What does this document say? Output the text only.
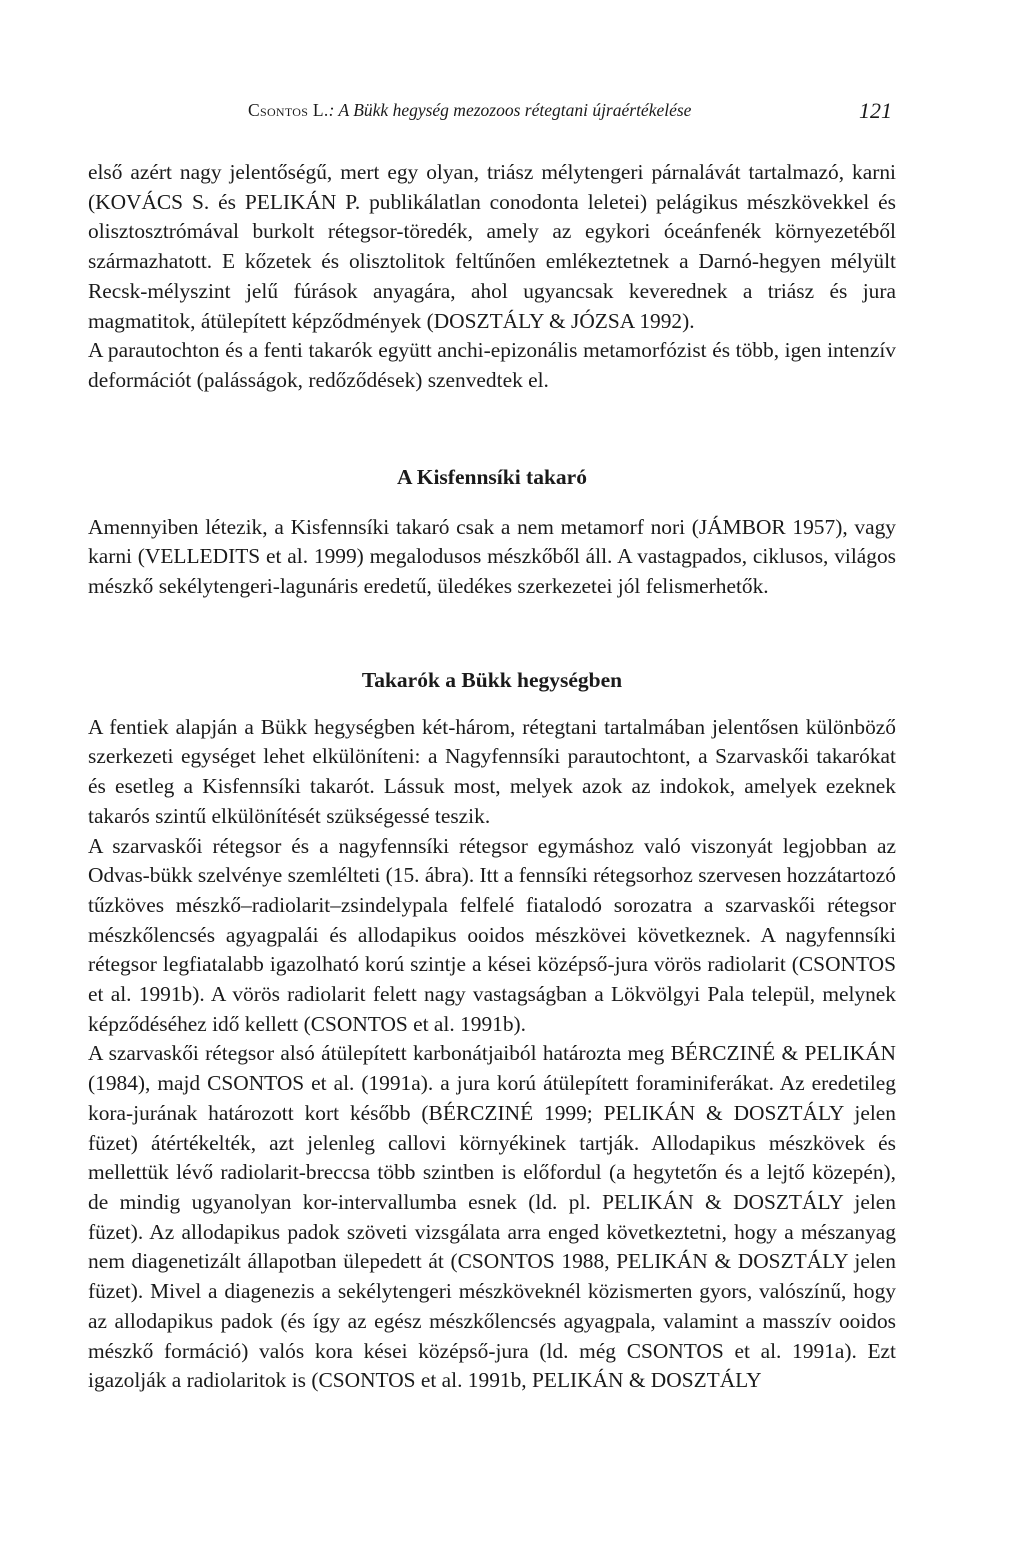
Csontos L.: A Bükk hegység mezozoos rétegtani újraértékelése	121

első azért nagy jelentőségű, mert egy olyan, triász mélytengeri párnalávát tartalmazó, karni (KOVÁCS S. és PELIKÁN P. publikálatlan conodonta leletei) pelágikus mészkövekkel és olisztosztrómával burkolt rétegsor-töredék, amely az egykori óceánfenék környezetéből származhatott. E kőzetek és olisztolitok feltűnően emlékeztetnek a Darnó-hegyen mélyült Recsk-mélyszint jelű fúrások anyagára, ahol ugyancsak keverednek a triász és jura magmatitok, átülepített képződmények (DOSZTÁLY & JÓZSA 1992).

A parautochton és a fenti takarók együtt anchi-epizonális metamorfózist és több, igen intenzív deformációt (palásságok, redőződések) szenvedtek el.

A Kisfennsíki takaró

Amennyiben létezik, a Kisfennsíki takaró csak a nem metamorf nori (JÁMBOR 1957), vagy karni (VELLEDITS et al. 1999) megalodusos mészkőből áll. A vastagpados, ciklusos, világos mészkő sekélytengeri-lagunáris eredetű, üledékes szerkezetei jól felismerhetők.

Takarók a Bükk hegységben

A fentiek alapján a Bükk hegységben két-három, rétegtani tartalmában jelentősen különböző szerkezeti egységet lehet elkülöníteni: a Nagyfennsíki parautochtont, a Szarvaskői takarókat és esetleg a Kisfennsíki takarót. Lássuk most, melyek azok az indokok, amelyek ezeknek takarós szintű elkülönítését szükségessé teszik.

A szarvaskői rétegsor és a nagyfennsíki rétegsor egymáshoz való viszonyát legjobban az Odvas-bükk szelvénye szemlélteti (15. ábra). Itt a fennsíki rétegsorhoz szervesen hozzátartozó tűzköves mészkő–radiolarit–zsindelypala felfelé fiatalodó sorozatra a szarvaskői rétegsor mészkőlencsés agyagpalái és allodapikus ooidos mészkövei következnek. A nagyfennsíki rétegsor legfiatalabb igazolható korú szintje a kései középső-jura vörös radiolarit (CSONTOS et al. 1991b). A vörös radiolarit felett nagy vastagságban a Lökvölgyi Pala települ, melynek képződéséhez idő kellett (CSONTOS et al. 1991b).

A szarvaskői rétegsor alsó átülepített karbonátjaiból határozta meg BÉRCZINÉ & PELIKÁN (1984), majd CSONTOS et al. (1991a). a jura korú átülepített foraminiferákat. Az eredetileg kora-jurának határozott kort később (BÉRCZINÉ 1999; PELIKÁN & DOSZTÁLY jelen füzet) átértékelték, azt jelenleg callovi környékinek tartják. Allodapikus mészkövek és mellettük lévő radiolarit-breccsa több szintben is előfordul (a hegytetőn és a lejtő közepén), de mindig ugyanolyan kor-intervallumba esnek (ld. pl. PELIKÁN & DOSZTÁLY jelen füzet). Az allodapikus padok szöveti vizsgálata arra enged következtetni, hogy a mészanyag nem diagenetizált állapotban ülepedett át (CSONTOS 1988, PELIKÁN & DOSZTÁLY jelen füzet). Mivel a diagenezis a sekélytengeri mészköveknél közismerten gyors, valószínű, hogy az allodapikus padok (és így az egész mészkőlencsés agyagpala, valamint a masszív ooidos mészkő formáció) valós kora kései középső-jura (ld. még CSONTOS et al. 1991a). Ezt igazolják a radiolaritok is (CSONTOS et al. 1991b, PELIKÁN & DOSZTÁLY
